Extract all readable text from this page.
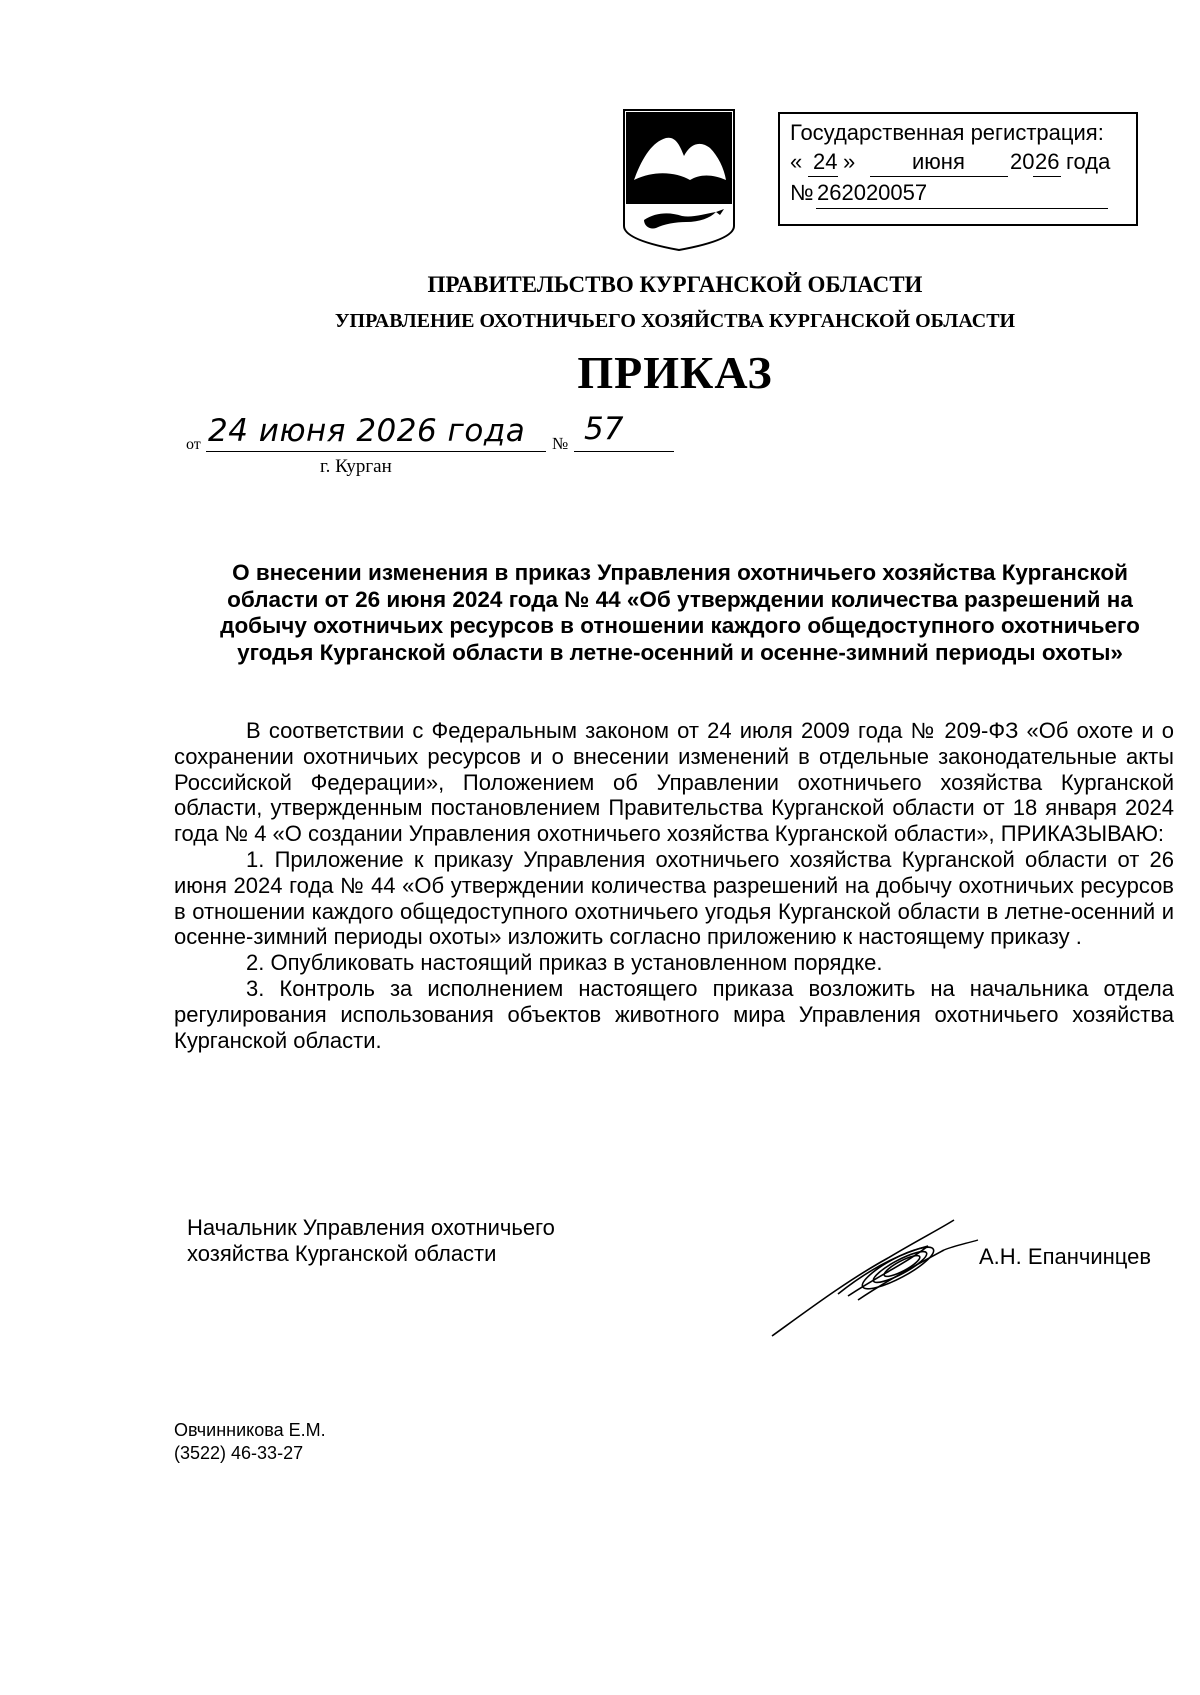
Государственная регистрация:
« 24 »	июня 20 26 года
№ 262020057
ПРАВИТЕЛЬСТВО КУРГАНСКОЙ ОБЛАСТИ
УПРАВЛЕНИЕ ОХОТНИЧЬЕГО ХОЗЯЙСТВА КУРГАНСКОЙ ОБЛАСТИ
ПРИКАЗ
от 24 июня 2026 года № 57
г. Курган
О внесении изменения в приказ Управления охотничьего хозяйства Курганской области от 26 июня 2024 года № 44 «Об утверждении количества разрешений на добычу охотничьих ресурсов в отношении каждого общедоступного охотничьего угодья Курганской области в летне-осенний и осенне-зимний периоды охоты»

В соответствии с Федеральным законом от 24 июля 2009 года № 209-ФЗ «Об охоте и о сохранении охотничьих ресурсов и о внесении изменений в отдельные законодательные акты Российской Федерации», Положением об Управлении охотничьего хозяйства Курганской области, утвержденным постановлением Правительства Курганской области от 18 января 2024 года № 4 «О создании Управления охотничьего хозяйства Курганской области», ПРИКАЗЫВАЮ:

1. Приложение к приказу Управления охотничьего хозяйства Курганской области от 26 июня 2024 года № 44 «Об утверждении количества разрешений на добычу охотничьих ресурсов в отношении каждого общедоступного охотничьего угодья Курганской области в летне-осенний и осенне-зимний периоды охоты» изложить согласно приложению к настоящему приказу .

2. Опубликовать настоящий приказ в установленном порядке.

3. Контроль за исполнением настоящего приказа возложить на начальника отдела регулирования использования объектов животного мира Управления охотничьего хозяйства Курганской области.

Начальник Управления охотничьего
хозяйства Курганской области	А.Н. Епанчинцев
Овчинникова Е.М.
(3522) 46-33-27
